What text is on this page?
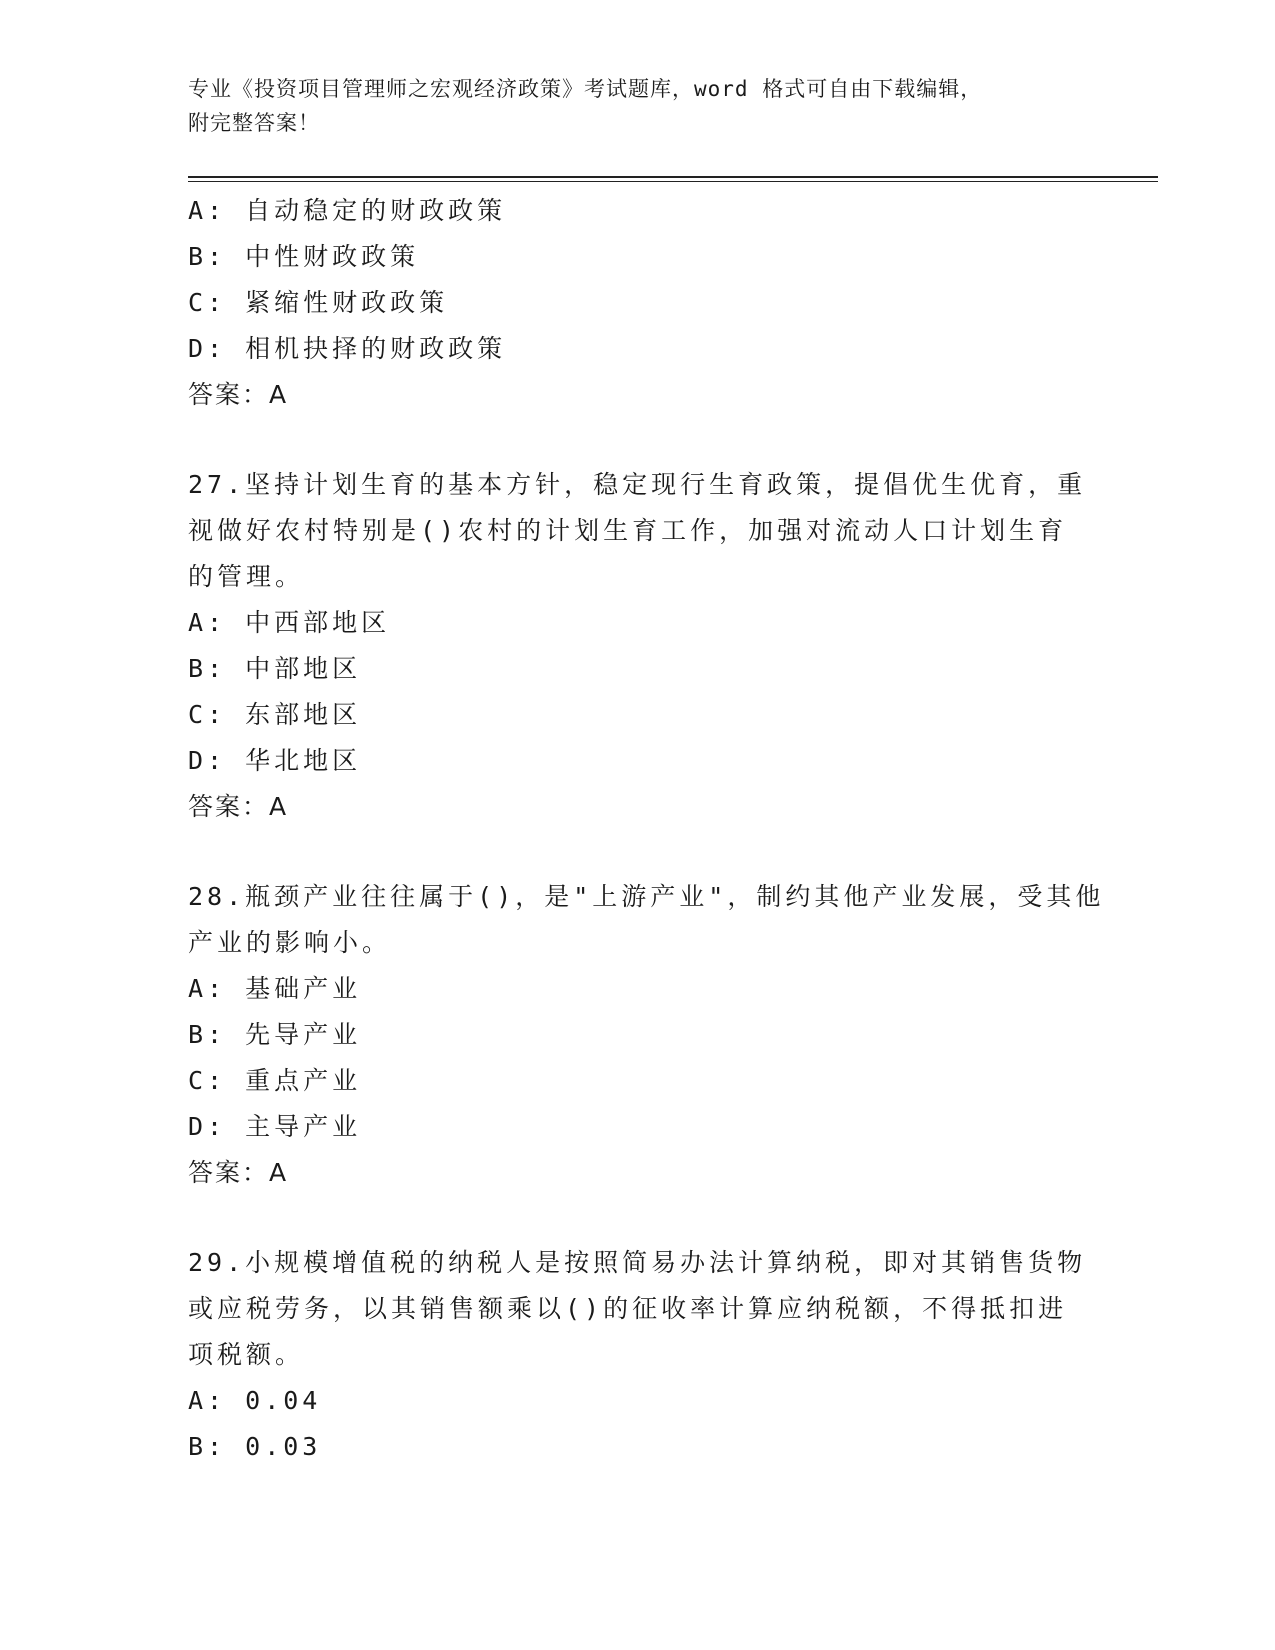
专业《投资项目管理师之宏观经济政策》考试题库，word 格式可自由下载编辑，
附完整答案！
A: 自动稳定的财政政策
B: 中性财政政策
C: 紧缩性财政政策
D: 相机抉择的财政政策
答案：A
27.坚持计划生育的基本方针，稳定现行生育政策，提倡优生优育，重
视做好农村特别是()农村的计划生育工作，加强对流动人口计划生育
的管理。
A: 中西部地区
B: 中部地区
C: 东部地区
D: 华北地区
答案：A
28.瓶颈产业往往属于()，是"上游产业"，制约其他产业发展，受其他
产业的影响小。
A: 基础产业
B: 先导产业
C: 重点产业
D: 主导产业
答案：A
29.小规模增值税的纳税人是按照简易办法计算纳税，即对其销售货物
或应税劳务，以其销售额乘以()的征收率计算应纳税额，不得抵扣进
项税额。
A: 0.04
B: 0.03
